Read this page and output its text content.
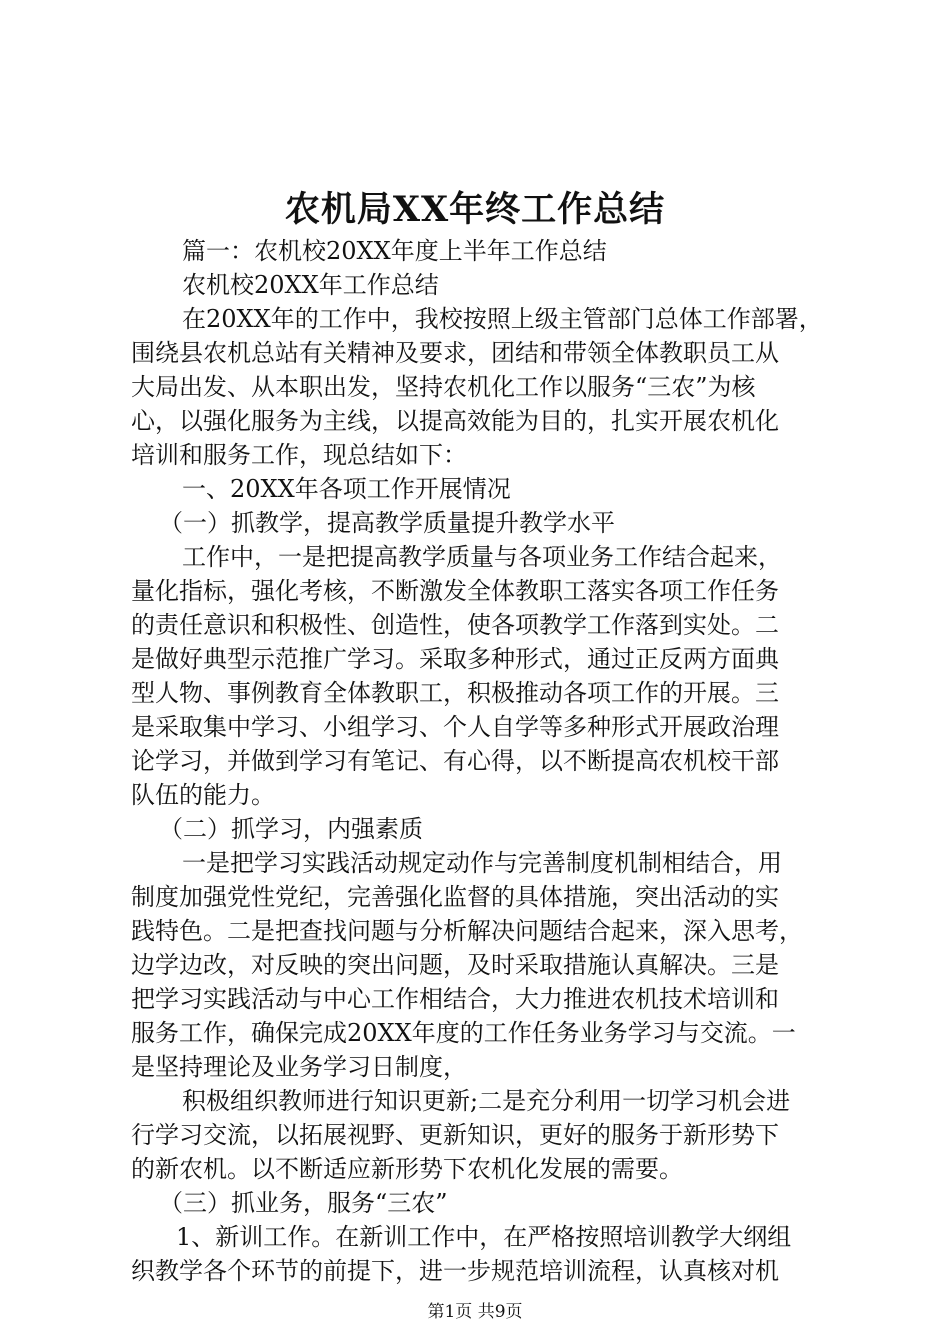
农机局XX年终工作总结
篇一：农机校20XX年度上半年工作总结
农机校20XX年工作总结
在20XX年的工作中，我校按照上级主管部门总体工作部署，
围绕县农机总站有关精神及要求，团结和带领全体教职员工从
大局出发、从本职出发，坚持农机化工作以服务“三农”为核
心，以强化服务为主线，以提高效能为目的，扎实开展农机化
培训和服务工作，现总结如下：
一、20XX年各项工作开展情况
（一）抓教学，提高教学质量提升教学水平
工作中，一是把提高教学质量与各项业务工作结合起来，
量化指标，强化考核，不断激发全体教职工落实各项工作任务
的责任意识和积极性、创造性，使各项教学工作落到实处。二
是做好典型示范推广学习。采取多种形式，通过正反两方面典
型人物、事例教育全体教职工，积极推动各项工作的开展。三
是采取集中学习、小组学习、个人自学等多种形式开展政治理
论学习，并做到学习有笔记、有心得，以不断提高农机校干部
队伍的能力。
（二）抓学习，内强素质
一是把学习实践活动规定动作与完善制度机制相结合，用
制度加强党性党纪，完善强化监督的具体措施，突出活动的实
践特色。二是把查找问题与分析解决问题结合起来，深入思考，
边学边改，对反映的突出问题，及时采取措施认真解决。三是
把学习实践活动与中心工作相结合，大力推进农机技术培训和
服务工作，确保完成20XX年度的工作任务业务学习与交流。一
是坚持理论及业务学习日制度，
积极组织教师进行知识更新;二是充分利用一切学习机会进
行学习交流，以拓展视野、更新知识，更好的服务于新形势下
的新农机。以不断适应新形势下农机化发展的需要。
（三）抓业务，服务“三农”
1、新训工作。在新训工作中，在严格按照培训教学大纲组
织教学各个环节的前提下，进一步规范培训流程，认真核对机
第1页 共9页
